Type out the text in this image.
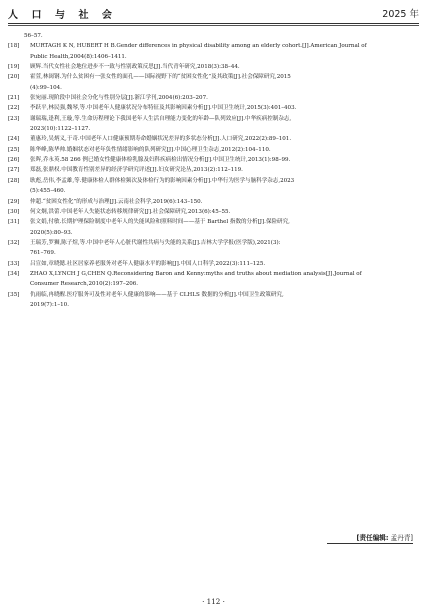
人 口 与 社 会	2025 年
56–57.
[18] MURTAGH K N, HUBERT H B.Gender differences in physical disability among an elderly cohort.[J].American Journal of
Public Health,2004(8):1406–1411.
[19] 顾辉.当代女性社会地位进步不一致与性别政策反思[J].当代青年研究,2018(3):38–44.
[20] 霍萱,林闽钢.为什么贫困有一张女性的面孔——国际视野下的“贫困女性化”及其政策[J].社会保障研究,2015
(4):99–104.
[21] 张宛丽.现阶段中国社会分化与性别分层[J].浙江学刊,2004(6):203–207.
[22] 李跃平,林民强,魏琴,等.中国老年人健康状况分布特征及其影响因素分析[J].中国卫生统计,2015(3):401–403.
[23] 谢瑞瑞,逢利,王璇,等.生命历程理论下我国老年人生活自理能力变化的年龄—队列效应[J].中华疾病控制杂志,
2023(10):1122–1127.
[24] 董惠玲,吴炳义,于奇.中国老年人口健康预期寿命婚姻状况差异的多状态分析[J].人口研究,2022(2):89–101.
[25] 陈华峰,陈华帅.婚姻状态对老年负性情绪影响的队列研究[J].中国心理卫生杂志,2012(2):104–110.
[26] 张晖,乔永英.58 266 例已婚女性健康体检乳腺及妇科疾病检出情况分析[J].中国卫生统计,2013(1):98–99.
[27] 郑磊,张鼎权.中国教育性别差异的经济学研究评述[J].妇女研究论丛,2013(2):112–119.
[28] 耿彪,岳伟,李孟雄,等.健康体检人群体检频次及体检行为的影响因素分析[J].中华行为医学与脑科学杂志,2023
(5):455–460.
[29] 仲超.“贫困女性化”的形成与治理[J].云南社会科学,2019(6):143–150.
[30] 何文炯,洪蕾.中国老年人失能状态转移规律研究[J].社会保障研究,2013(6):45–55.
[31] 张文娟,付敏.长期护理保险制度中老年人的失能风险和照料时间——基于 Barthel 指数的分析[J].保险研究,
2020(5):80–93.
[32] 王瑞芳,罗狮,陈子煊,等.中国中老年人心脏代谢性共病与失能的关系[J].吉林大学学报(医学版),2021(3):
761–769.
[33] 吕宣如,章晓懿.社区居家养老服务对老年人健康水平的影响[J].中国人口科学,2022(3):111–125.
[34] ZHAO X,LYNCH J G,CHEN Q.Reconsidering Baron and Kenny:myths and truths about mediation analysis[J].Journal of
Consumer Research,2010(2):197–206.
[35] 仇雨临,冉晓醒.医疗服务可及性对老年人健康的影响——基于 CLHLS 数据的分析[J].中国卫生政策研究,
2019(7):1–10.
[责任编辑: 孟丹青]
· 112 ·
